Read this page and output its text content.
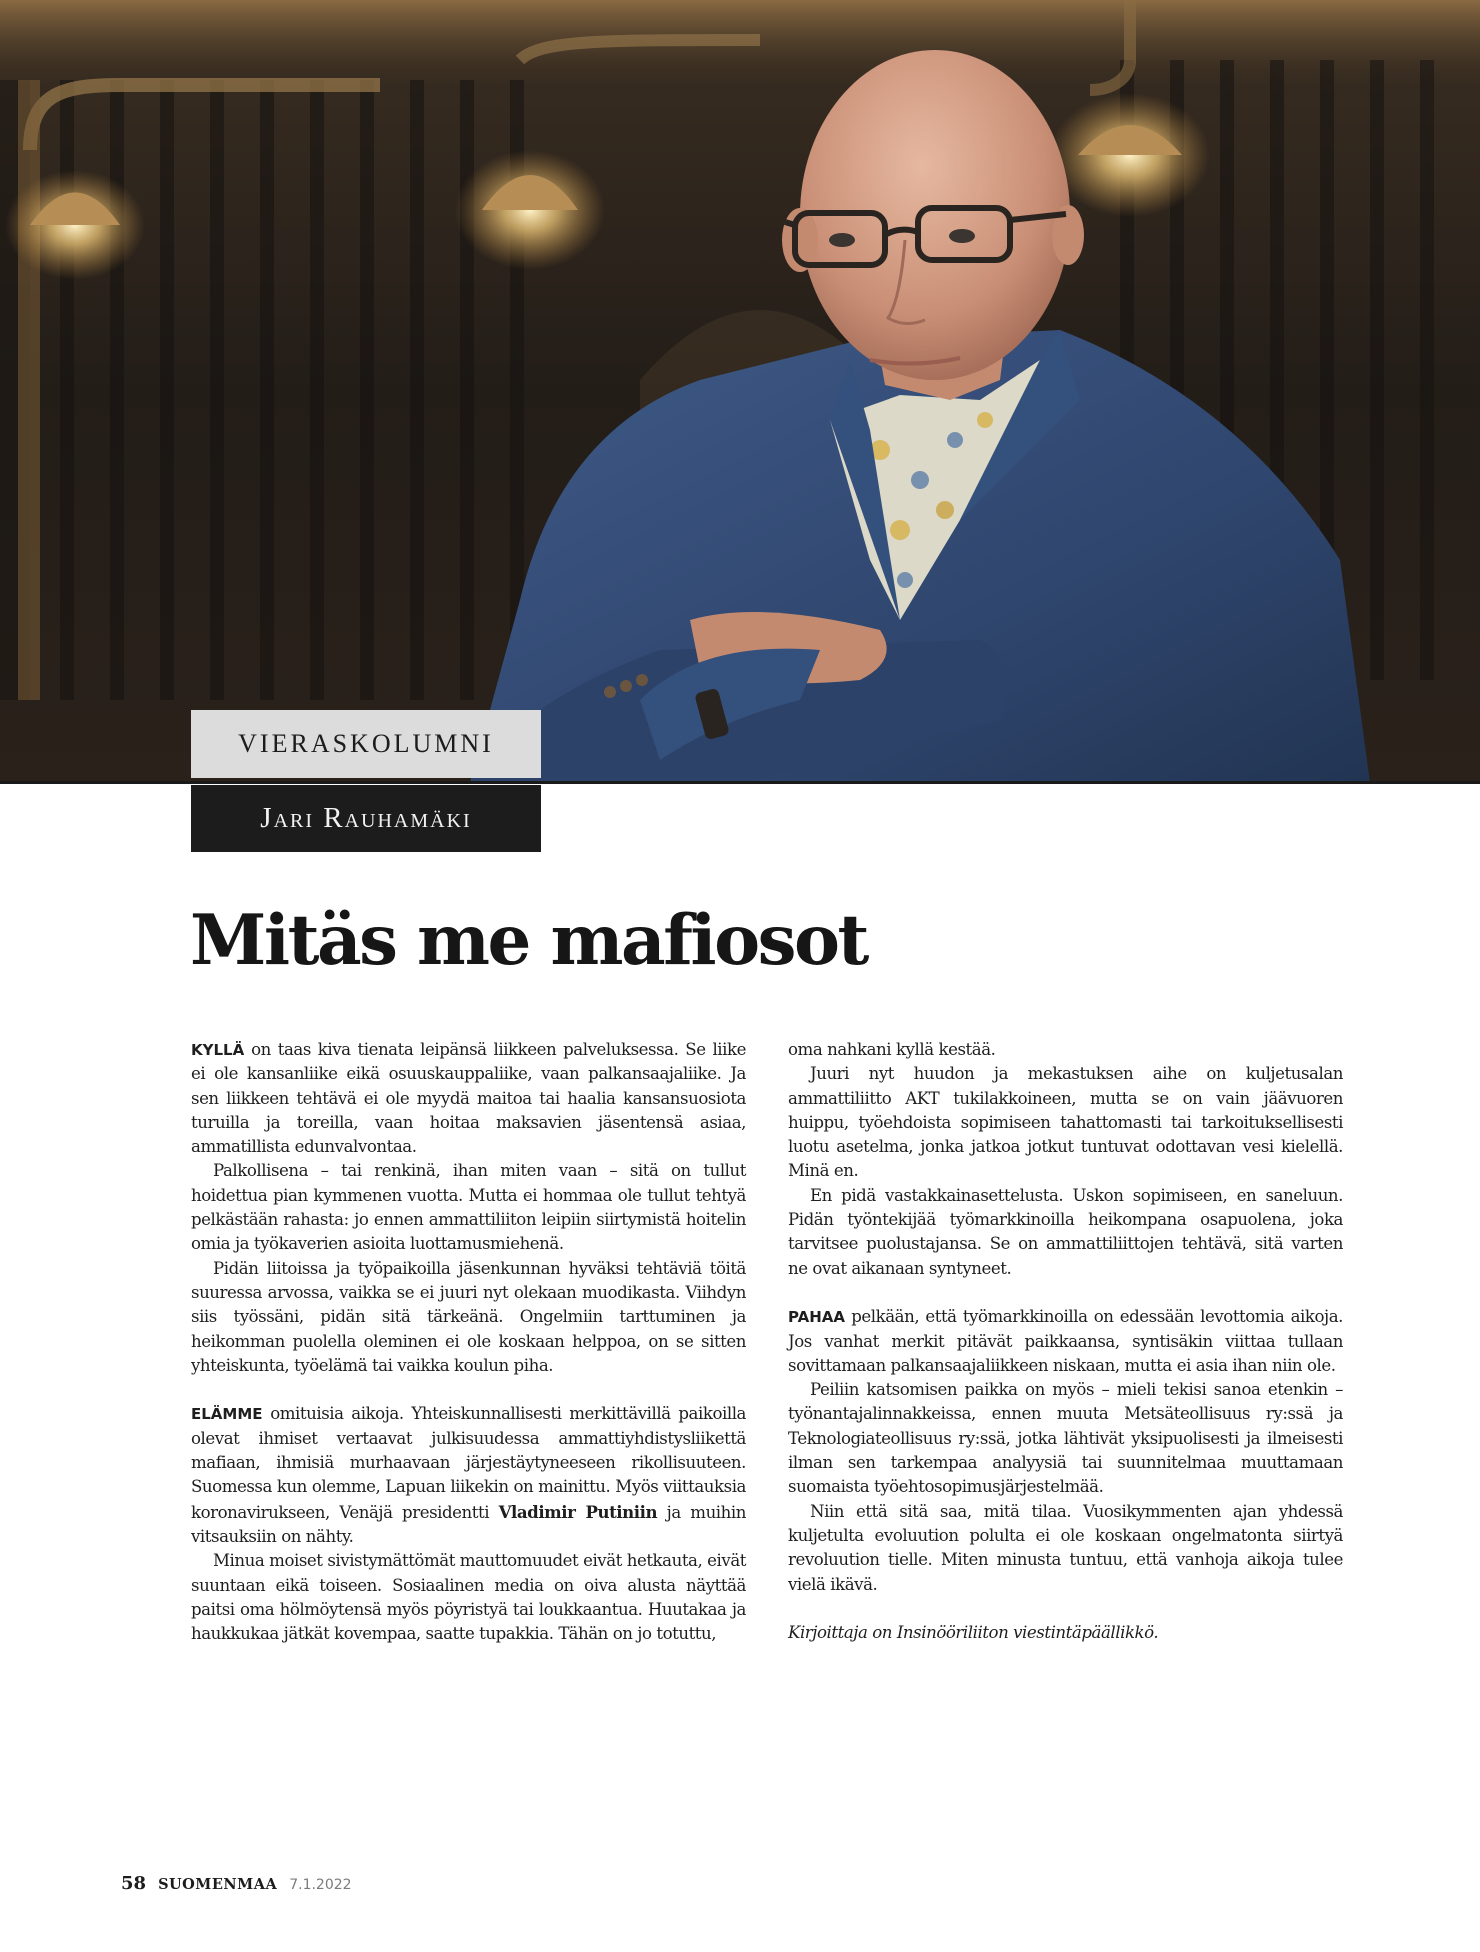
VIERASKOLUMNI
Jari Rauhamäki
Mitäs me mafiosot

KYLLÄ on taas kiva tienata leipänsä liikkeen palveluksessa. Se liike ei ole kansanliike eikä osuuskauppaliike, vaan palkansaajaliike. Ja sen liikkeen tehtävä ei ole myydä maitoa tai haalia kansansuosiota turuilla ja toreilla, vaan hoitaa maksavien jäsentensä asiaa, ammatillista edunvalvontaa.

Palkollisena – tai renkinä, ihan miten vaan – sitä on tullut hoidettua pian kymmenen vuotta. Mutta ei hommaa ole tullut tehtyä pelkästään rahasta: jo ennen ammattiliiton leipiin siirtymistä hoitelin omia ja työkaverien asioita luottamusmiehenä.

Pidän liitoissa ja työpaikoilla jäsenkunnan hyväksi tehtäviä töitä suuressa arvossa, vaikka se ei juuri nyt olekaan muodikasta. Viihdyn siis työssäni, pidän sitä tärkeänä. Ongelmiin tarttuminen ja heikomman puolella oleminen ei ole koskaan helppoa, on se sitten yhteiskunta, työelämä tai vaikka koulun piha.

ELÄMME omituisia aikoja. Yhteiskunnallisesti merkittävillä paikoilla olevat ihmiset vertaavat julkisuudessa ammattiyhdistysliikettä mafiaan, ihmisiä murhaavaan järjestäytyneeseen rikollisuuteen. Suomessa kun olemme, Lapuan liikekin on mainittu. Myös viittauksia koronavirukseen, Venäjä presidentti Vladimir Putiniin ja muihin vitsauksiin on nähty.

Minua moiset sivistymättömät mauttomuudet eivät hetkauta, eivät suuntaan eikä toiseen. Sosiaalinen media on oiva alusta näyttää paitsi oma hölmöytensä myös pöyristyä tai loukkaantua. Huutakaa ja haukkukaa jätkät kovempaa, saatte tupakkia. Tähän on jo totuttu,

oma nahkani kyllä kestää.

Juuri nyt huudon ja mekastuksen aihe on kuljetusalan ammattiliitto AKT tukilakkoineen, mutta se on vain jäävuoren huippu, työehdoista sopimiseen tahattomasti tai tarkoituksellisesti luotu asetelma, jonka jatkoa jotkut tuntuvat odottavan vesi kielellä. Minä en.

En pidä vastakkainasettelusta. Uskon sopimiseen, en saneluun. Pidän työntekijää työmarkkinoilla heikompana osapuolena, joka tarvitsee puolustajansa. Se on ammattiliittojen tehtävä, sitä varten ne ovat aikanaan syntyneet.

PAHAA pelkään, että työmarkkinoilla on edessään levottomia aikoja. Jos vanhat merkit pitävät paikkaansa, syntisäkin viittaa tullaan sovittamaan palkansaajaliikkeen niskaan, mutta ei asia ihan niin ole.

Peiliin katsomisen paikka on myös – mieli tekisi sanoa etenkin – työnantajalinnakkeissa, ennen muuta Metsäteollisuus ry:ssä ja Teknologiateollisuus ry:ssä, jotka lähtivät yksipuolisesti ja ilmeisesti ilman sen tarkempaa analyysiä tai suunnitelmaa muuttamaan suomaista työehtosopimusjärjestelmää.

Niin että sitä saa, mitä tilaa. Vuosikymmenten ajan yhdessä kuljetulta evoluution polulta ei ole koskaan ongelmatonta siirtyä revoluution tielle. Miten minusta tuntuu, että vanhoja aikoja tulee vielä ikävä.

Kirjoittaja on Insinööriliiton viestintäpäällikkö.

58 SUOMENMAA 7.1.2022
